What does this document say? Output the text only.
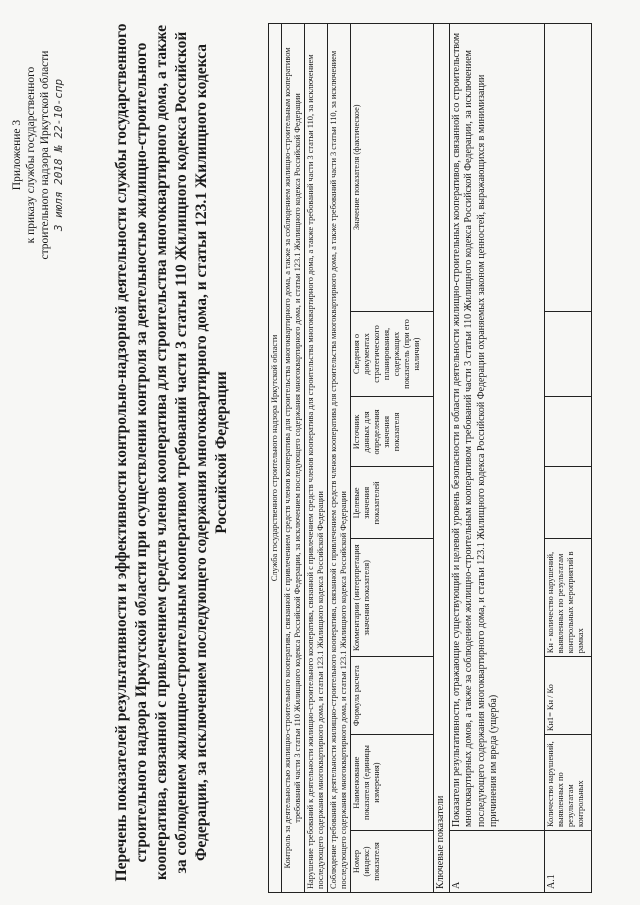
Приложение 3 к приказу службы государственного строительного надзора Иркутской области 3 июля 2018 № 22-10-спр	Перечень показателей результативности и эффективности контрольно-надзорной деятельности службы государственного строительного надзора Иркутской области при осуществлении контроля за деятельностью жилищно-строительного кооператива, связанной с привлечением средств членов кооператива для строительства многоквартирного дома, а также за соблюдением жилищно-строительным кооперативом требований части 3 статьи 110 Жилищного кодекса Российской Федерации, за исключением последующего содержания многоквартирного дома, и статьи 123.1 Жилищного кодекса Российской Федерации	Служба государственного строительного надзора Иркутской области							
Контроль за деятельностью жилищно-строительного кооператива, связанной с привлечением средств членов кооператива для строительства многоквартирного дома, а также за соблюдением жилищно-строительным кооперативом требований части 3 статьи 110 Жилищного кодекса Российской Федерации, за исключением последующего содержания многоквартирного дома, и статьи 123.1 Жилищного кодекса Российской Федерации							
Нарушение требований к деятельности жилищно-строительного кооператива, связанной с привлечением средств членов кооператива для строительства многоквартирного дома, а также требований части 3 статьи 110, за исключением последующего содержания многоквартирного дома, и статьи 123.1 Жилищного кодекса Российской Федерации							
Соблюдение требований к деятельности жилищно-строительного кооператива, связанной с привлечением средств членов кооператива для строительства многоквартирного дома, а также требований части 3 статьи 110, за исключением последующего содержания многоквартирного дома, и статьи 123.1 Жилищного кодекса Российской Федерации							
Номер (индекс) показателя	Наименование показателя (единицы измерения)	Формула расчета	Комментарии (интерпретация значения показателя)	Целевые значения показателей	Источник данных для определения значения показателя	Сведения о документах стратегического планирования, содержащих показатель (при его наличии)	Значение показателя (фактическое)
Ключевые показатели							
А	Показатели результативности, отражающие существующий и целевой уровень безопасности в области деятельности жилищно-строительных кооперативов, связанной со строительством многоквартирных домов, а также за соблюдением жилищно-строительным кооперативом требований части 3 статьи 110 Жилищного кодекса Российской Федерации, за исключением последующего содержания многоквартирного дома, и статьи 123.1 Жилищного кодекса Российской Федерации охраняемых законом ценностей, выражающихся в минимизации причинения им вреда (ущерба)						
А.1	Количество нарушений, выявленных по результатам контрольных	Кн1= Кн / Ко	Кн - количество нарушений, выявленных по результатам контрольных мероприятий в рамках				
